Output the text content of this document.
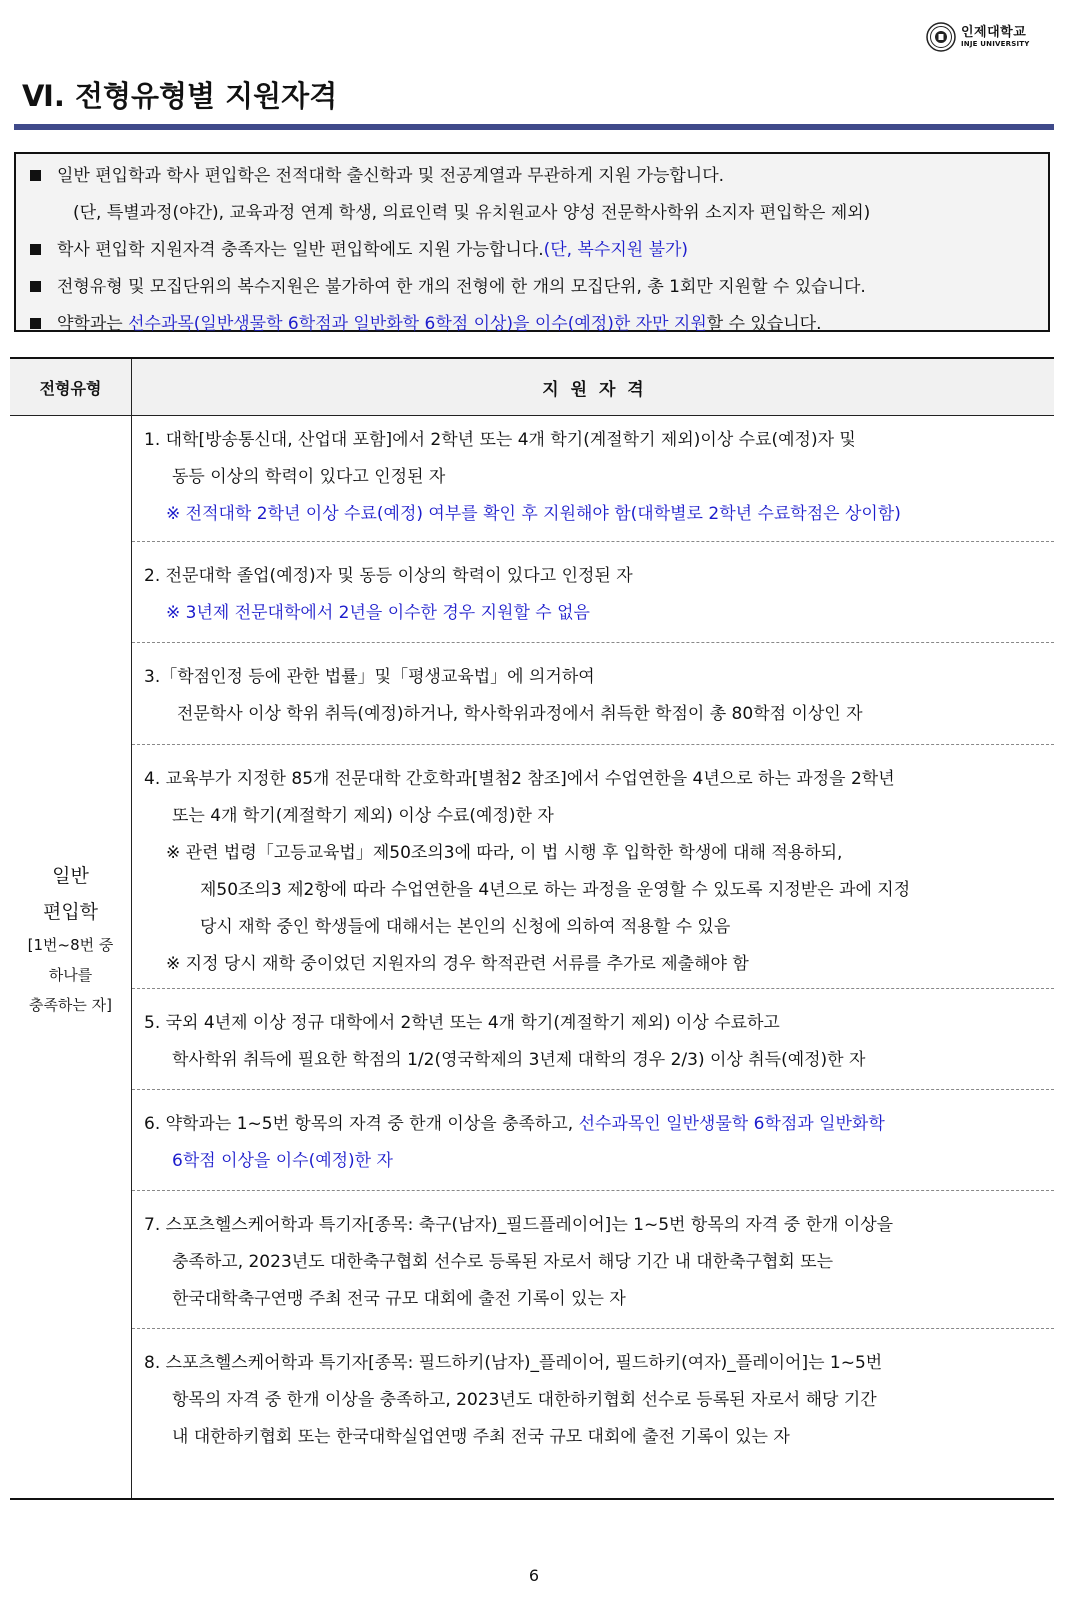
인제대학교
INJE UNIVERSITY
Ⅵ. 전형유형별 지원자격

일반 편입학과 학사 편입학은 전적대학 출신학과 및 전공계열과 무관하게 지원 가능합니다.

(단, 특별과정(야간), 교육과정 연계 학생, 의료인력 및 유치원교사 양성 전문학사학위 소지자 편입학은 제외)

학사 편입학 지원자격 충족자는 일반 편입학에도 지원 가능합니다.(단, 복수지원 불가)

전형유형 및 모집단위의 복수지원은 불가하여 한 개의 전형에 한 개의 모집단위, 총 1회만 지원할 수 있습니다.

약학과는 선수과목(일반생물학 6학점과 일반화학 6학점 이상)을 이수(예정)한 자만 지원할 수 있습니다.

전형유형	지 원 자 격
일반
편입학
[1번~8번 중
하나를
충족하는 자]

1. 대학[방송통신대, 산업대 포함]에서 2학년 또는 4개 학기(계절학기 제외)이상 수료(예정)자 및

동등 이상의 학력이 있다고 인정된 자

※ 전적대학 2학년 이상 수료(예정) 여부를 확인 후 지원해야 함(대학별로 2학년 수료학점은 상이함)

2. 전문대학 졸업(예정)자 및 동등 이상의 학력이 있다고 인정된 자

※ 3년제 전문대학에서 2년을 이수한 경우 지원할 수 없음

3.「학점인정 등에 관한 법률」및「평생교육법」에 의거하여

전문학사 이상 학위 취득(예정)하거나, 학사학위과정에서 취득한 학점이 총 80학점 이상인 자

4. 교육부가 지정한 85개 전문대학 간호학과[별첨2 참조]에서 수업연한을 4년으로 하는 과정을 2학년

또는 4개 학기(계절학기 제외) 이상 수료(예정)한 자

※ 관련 법령「고등교육법」제50조의3에 따라, 이 법 시행 후 입학한 학생에 대해 적용하되,

제50조의3 제2항에 따라 수업연한을 4년으로 하는 과정을 운영할 수 있도록 지정받은 과에 지정

당시 재학 중인 학생들에 대해서는 본인의 신청에 의하여 적용할 수 있음

※ 지정 당시 재학 중이었던 지원자의 경우 학적관련 서류를 추가로 제출해야 함

5. 국외 4년제 이상 정규 대학에서 2학년 또는 4개 학기(계절학기 제외) 이상 수료하고

학사학위 취득에 필요한 학점의 1/2(영국학제의 3년제 대학의 경우 2/3) 이상 취득(예정)한 자

6. 약학과는 1~5번 항목의 자격 중 한개 이상을 충족하고, 선수과목인 일반생물학 6학점과 일반화학

6학점 이상을 이수(예정)한 자

7. 스포츠헬스케어학과 특기자[종목: 축구(남자)_필드플레이어]는 1~5번 항목의 자격 중 한개 이상을

충족하고, 2023년도 대한축구협회 선수로 등록된 자로서 해당 기간 내 대한축구협회 또는

한국대학축구연맹 주최 전국 규모 대회에 출전 기록이 있는 자

8. 스포츠헬스케어학과 특기자[종목: 필드하키(남자)_플레이어, 필드하키(여자)_플레이어]는 1~5번

항목의 자격 중 한개 이상을 충족하고, 2023년도 대한하키협회 선수로 등록된 자로서 해당 기간

내 대한하키협회 또는 한국대학실업연맹 주최 전국 규모 대회에 출전 기록이 있는 자

6
